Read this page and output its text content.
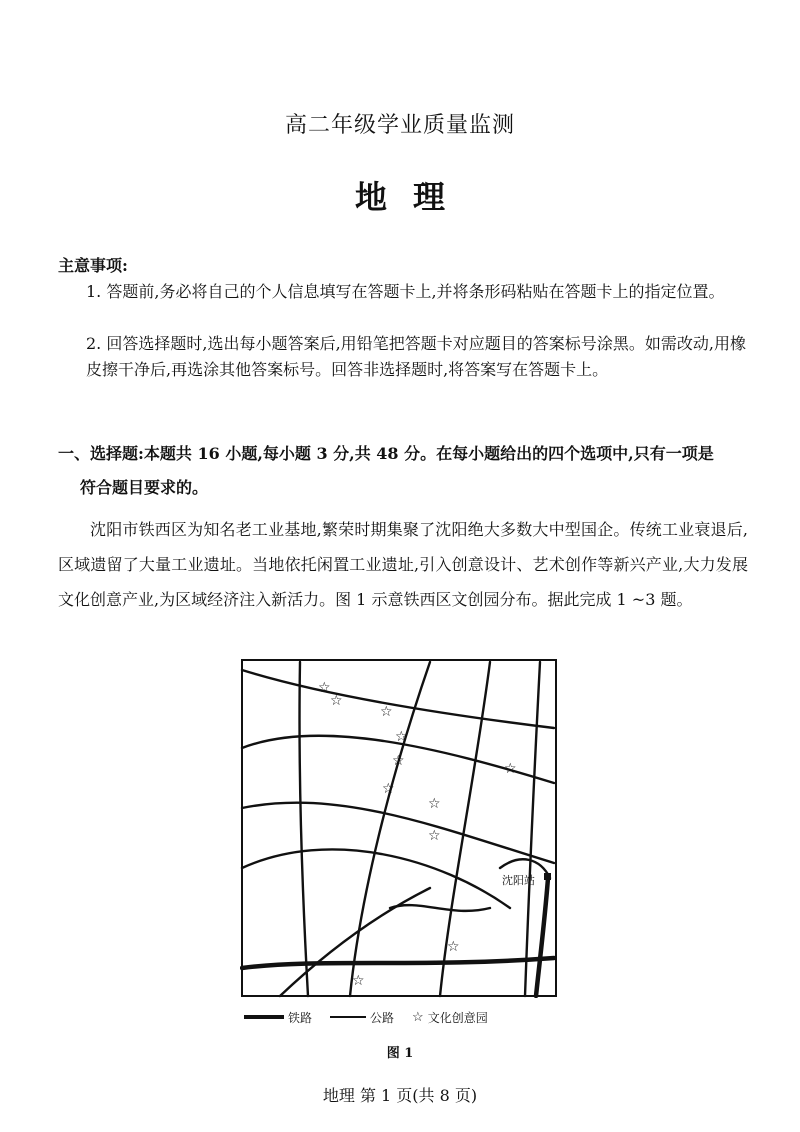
高二年级学业质量监测
地理
主意事项:
1. 答题前,务必将自己的个人信息填写在答题卡上,并将条形码粘贴在答题卡上的指定位置。
2. 回答选择题时,选出每小题答案后,用铅笔把答题卡对应题目的答案标号涂黑。如需改动,用橡皮擦干净后,再选涂其他答案标号。回答非选择题时,将答案写在答题卡上。
一、选择题:本题共 16 小题,每小题 3 分,共 48 分。在每小题给出的四个选项中,只有一项是
符合题目要求的。
沈阳市铁西区为知名老工业基地,繁荣时期集聚了沈阳绝大多数大中型国企。传统工业衰退后,区域遗留了大量工业遗址。当地依托闲置工业遗址,引入创意设计、艺术创作等新兴产业,大力发展文化创意产业,为区域经济注入新活力。图 1 示意铁西区文创园分布。据此完成 1 ~3 题。
沈阳站
☆
☆
☆
☆
☆
☆
☆
☆
☆
☆
☆
铁路	公路 ☆ 文化创意园
图 1
地理 第 1 页(共 8 页)
